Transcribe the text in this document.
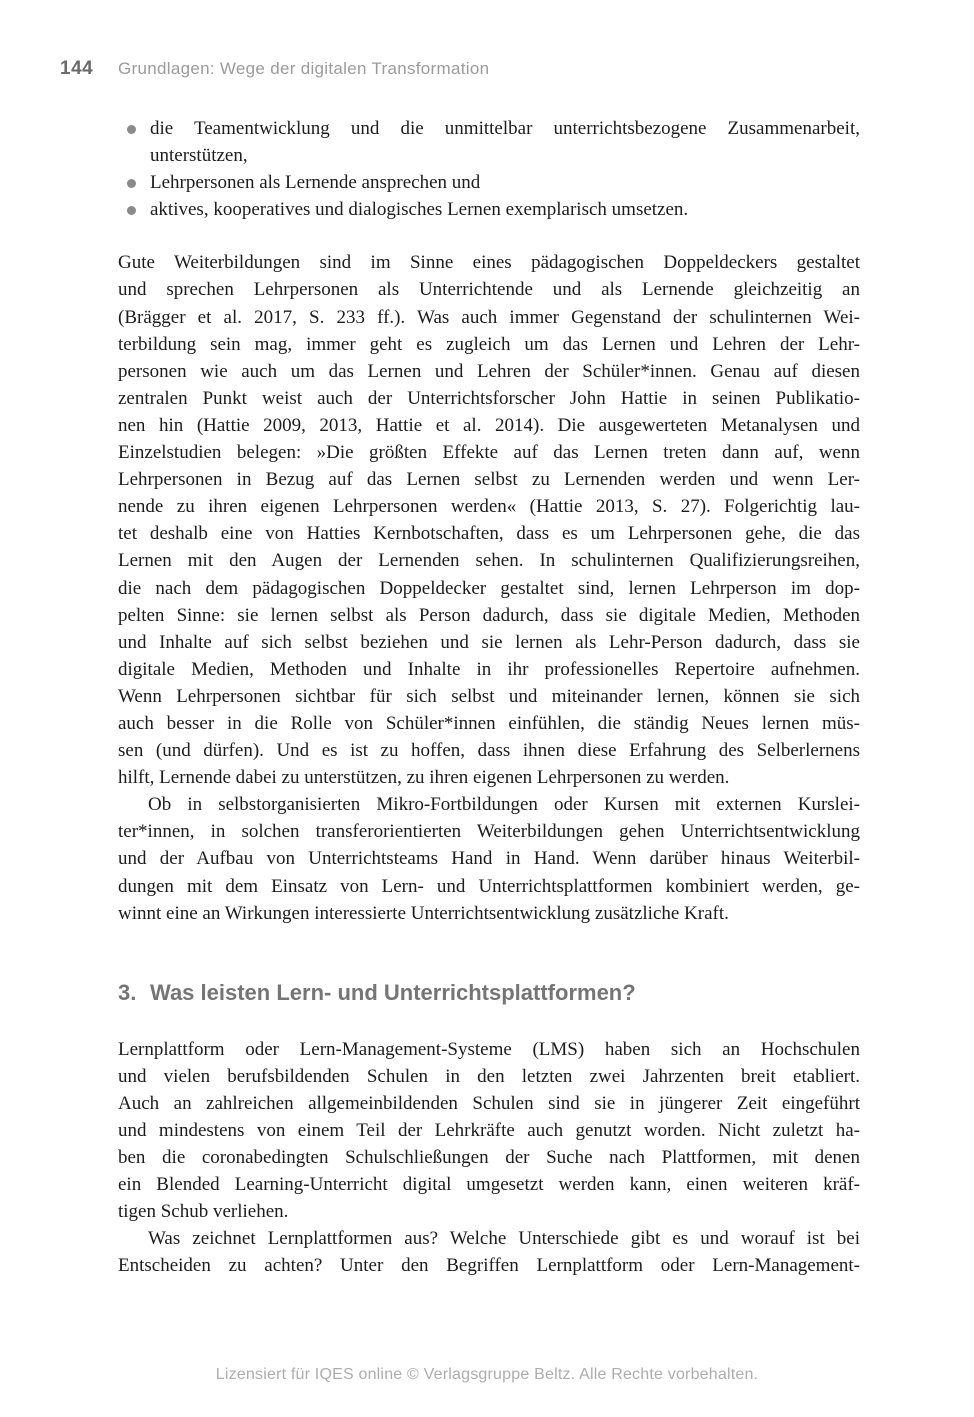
144	Grundlagen: Wege der digitalen Transformation
die Teamentwicklung und die unmittelbar unterrichtsbezogene Zusammenarbeit,
unterstützen,
Lehrpersonen als Lernende ansprechen und
aktives, kooperatives und dialogisches Lernen exemplarisch umsetzen.
Gute Weiterbildungen sind im Sinne eines pädagogischen Doppeldeckers gestaltet
und sprechen Lehrpersonen als Unterrichtende und als Lernende gleichzeitig an
(Brägger et al. 2017, S. 233 ff.). Was auch immer Gegenstand der schulinternen Wei-
terbildung sein mag, immer geht es zugleich um das Lernen und Lehren der Lehr-
personen wie auch um das Lernen und Lehren der Schüler*innen. Genau auf diesen
zentralen Punkt weist auch der Unterrichtsforscher John Hattie in seinen Publikatio-
nen hin (Hattie 2009, 2013, Hattie et al. 2014). Die ausgewerteten Metanalysen und
Einzelstudien belegen: »Die größten Effekte auf das Lernen treten dann auf, wenn
Lehrpersonen in Bezug auf das Lernen selbst zu Lernenden werden und wenn Ler-
nende zu ihren eigenen Lehrpersonen werden« (Hattie 2013, S. 27). Folgerichtig lau-
tet deshalb eine von Hatties Kernbotschaften, dass es um Lehrpersonen gehe, die das
Lernen mit den Augen der Lernenden sehen. In schulinternen Qualifizierungsreihen,
die nach dem pädagogischen Doppeldecker gestaltet sind, lernen Lehrperson im dop-
pelten Sinne: sie lernen selbst als Person dadurch, dass sie digitale Medien, Methoden
und Inhalte auf sich selbst beziehen und sie lernen als Lehr-Person dadurch, dass sie
digitale Medien, Methoden und Inhalte in ihr professionelles Repertoire aufnehmen.
Wenn Lehrpersonen sichtbar für sich selbst und miteinander lernen, können sie sich
auch besser in die Rolle von Schüler*innen einfühlen, die ständig Neues lernen müs-
sen (und dürfen). Und es ist zu hoffen, dass ihnen diese Erfahrung des Selberlernens
hilft, Lernende dabei zu unterstützen, zu ihren eigenen Lehrpersonen zu werden.
Ob in selbstorganisierten Mikro-Fortbildungen oder Kursen mit externen Kurslei-
ter*innen, in solchen transferorientierten Weiterbildungen gehen Unterrichtsentwicklung
und der Aufbau von Unterrichtsteams Hand in Hand. Wenn darüber hinaus Weiterbil-
dungen mit dem Einsatz von Lern- und Unterrichtsplattformen kombiniert werden, ge-
winnt eine an Wirkungen interessierte Unterrichtsentwicklung zusätzliche Kraft.
3. Was leisten Lern- und Unterrichtsplattformen?
Lernplattform oder Lern-Management-Systeme (LMS) haben sich an Hochschulen
und vielen berufsbildenden Schulen in den letzten zwei Jahrzenten breit etabliert.
Auch an zahlreichen allgemeinbildenden Schulen sind sie in jüngerer Zeit eingeführt
und mindestens von einem Teil der Lehrkräfte auch genutzt worden. Nicht zuletzt ha-
ben die coronabedingten Schulschließungen der Suche nach Plattformen, mit denen
ein Blended Learning-Unterricht digital umgesetzt werden kann, einen weiteren kräf-
tigen Schub verliehen.
Was zeichnet Lernplattformen aus? Welche Unterschiede gibt es und worauf ist bei
Entscheiden zu achten? Unter den Begriffen Lernplattform oder Lern-Management-
Lizensiert für IQES online © Verlagsgruppe Beltz. Alle Rechte vorbehalten.
